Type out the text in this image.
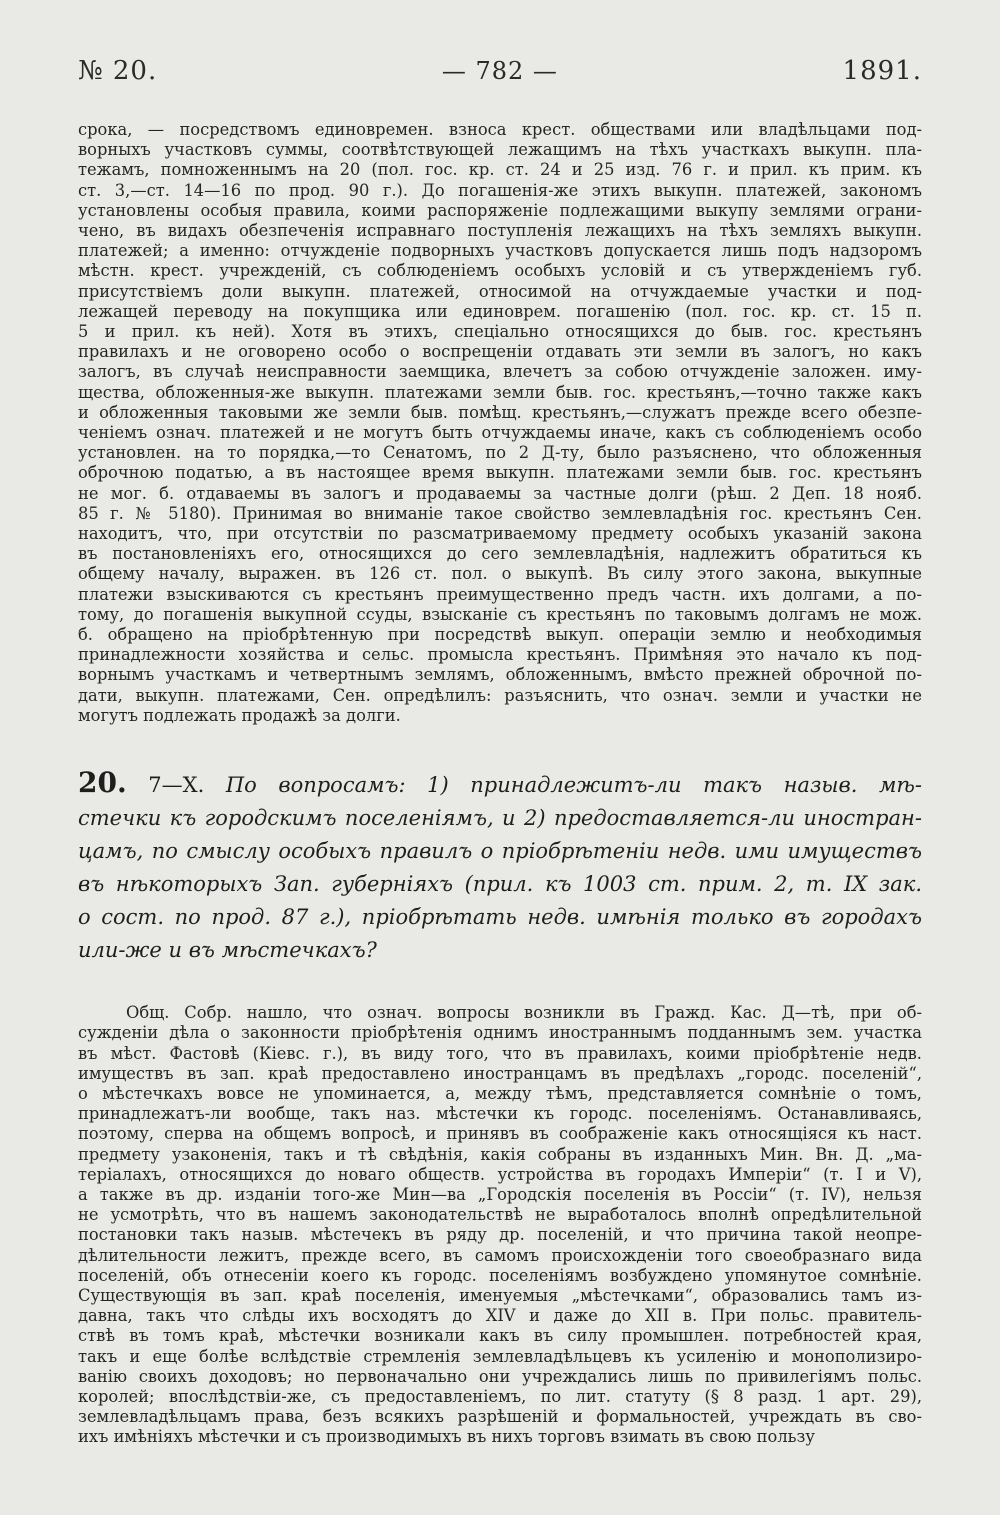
№ 20.	— 782 —	1891.
срока, — посредствомъ единовремен. взноса крест. обществами или владѣльцами под-
ворныхъ участковъ суммы, соотвѣтствующей лежащимъ на тѣхъ участкахъ выкупн. пла-
тежамъ, помноженнымъ на 20 (пол. гос. кр. ст. 24 и 25 изд. 76 г. и прил. къ прим. къ
ст. 3,—ст. 14—16 по прод. 90 г.). До погашенія-же этихъ выкупн. платежей, закономъ
установлены особыя правила, коими распоряженіе подлежащими выкупу землями ограни-
чено, въ видахъ обезпеченія исправнаго поступленія лежащихъ на тѣхъ земляхъ выкупн.
платежей; а именно: отчужденіе подворныхъ участковъ допускается лишь подъ надзоромъ
мѣстн. крест. учрежденій, съ соблюденіемъ особыхъ условій и съ утвержденіемъ губ.
присутствіемъ доли выкупн. платежей, относимой на отчуждаемые участки и под-
лежащей переводу на покупщика или единоврем. погашенію (пол. гос. кр. ст. 15 п.
5 и прил. къ ней). Хотя въ этихъ, спеціально относящихся до быв. гос. крестьянъ
правилахъ и не оговорено особо о воспрещеніи отдавать эти земли въ залогъ, но какъ
залогъ, въ случаѣ неисправности заемщика, влечетъ за собою отчужденіе заложен. иму-
щества, обложенныя-же выкупн. платежами земли быв. гос. крестьянъ,—точно также какъ
и обложенныя таковыми же земли быв. помѣщ. крестьянъ,—служатъ прежде всего обезпе-
ченіемъ означ. платежей и не могутъ быть отчуждаемы иначе, какъ съ соблюденіемъ особо
установлен. на то порядка,—то Сенатомъ, по 2 Д-ту, было разъяснено, что обложенныя
оброчною податью, а въ настоящее время выкупн. платежами земли быв. гос. крестьянъ
не мог. б. отдаваемы въ залогъ и продаваемы за частные долги (рѣш. 2 Деп. 18 нояб.
85 г. № 5180). Принимая во вниманіе такое свойство землевладѣнія гос. крестьянъ Сен.
находитъ, что, при отсутствіи по разсматриваемому предмету особыхъ указаній закона
въ постановленіяхъ его, относящихся до сего землевладѣнія, надлежитъ обратиться къ
общему началу, выражен. въ 126 ст. пол. о выкупѣ. Въ силу этого закона, выкупные
платежи взыскиваются съ крестьянъ преимущественно предъ частн. ихъ долгами, а по-
тому, до погашенія выкупной ссуды, взысканіе съ крестьянъ по таковымъ долгамъ не мож.
б. обращено на пріобрѣтенную при посредствѣ выкуп. операціи землю и необходимыя
принадлежности хозяйства и сельс. промысла крестьянъ. Примѣняя это начало къ под-
ворнымъ участкамъ и четвертнымъ землямъ, обложеннымъ, вмѣсто прежней оброчной по-
дати, выкупн. платежами, Сен. опредѣлилъ: разъяснить, что означ. земли и участки не
могутъ подлежать продажѣ за долги.
20. 7—X. По вопросамъ: 1) принадлежитъ-ли такъ назыв. мѣ-
стечки къ городскимъ поселеніямъ, и 2) предоставляется-ли иностран-
цамъ, по смыслу особыхъ правилъ о пріобрѣтеніи недв. ими имуществъ
въ нѣкоторыхъ Зап. губерніяхъ (прил. къ 1003 ст. прим. 2, т. IX зак.
о сост. по прод. 87 г.), пріобрѣтать недв. имѣнія только въ городахъ
или-же и въ мѣстечкахъ?
Общ. Собр. нашло, что означ. вопросы возникли въ Гражд. Кас. Д—тѣ, при об-
сужденіи дѣла о законности пріобрѣтенія однимъ иностраннымъ подданнымъ зем. участка
въ мѣст. Фастовѣ (Кіевс. г.), въ виду того, что въ правилахъ, коими пріобрѣтеніе недв.
имуществъ въ зап. краѣ предоставлено иностранцамъ въ предѣлахъ „городс. поселеній“,
о мѣстечкахъ вовсе не упоминается, а, между тѣмъ, представляется сомнѣніе о томъ,
принадлежатъ-ли вообще, такъ наз. мѣстечки къ городс. поселеніямъ. Останавливаясь,
поэтому, сперва на общемъ вопросѣ, и принявъ въ соображеніе какъ относящіяся къ наст.
предмету узаконенія, такъ и тѣ свѣдѣнія, какія собраны въ изданныхъ Мин. Вн. Д. „ма-
теріалахъ, относящихся до новаго обществ. устройства въ городахъ Имперіи“ (т. I и V),
а также въ др. изданіи того-же Мин—ва „Городскія поселенія въ Россіи“ (т. IV), нельзя
не усмотрѣть, что въ нашемъ законодательствѣ не выработалось вполнѣ опредѣлительной
постановки такъ назыв. мѣстечекъ въ ряду др. поселеній, и что причина такой неопре-
дѣлительности лежитъ, прежде всего, въ самомъ происхожденіи того своеобразнаго вида
поселеній, объ отнесеніи коего къ городс. поселеніямъ возбуждено упомянутое сомнѣніе.
Существующія въ зап. краѣ поселенія, именуемыя „мѣстечками“, образовались тамъ из-
давна, такъ что слѣды ихъ восходятъ до XIV и даже до XII в. При польс. правитель-
ствѣ въ томъ краѣ, мѣстечки возникали какъ въ силу промышлен. потребностей края,
такъ и еще болѣе вслѣдствіе стремленія землевладѣльцевъ къ усиленію и монополизиро-
ванію своихъ доходовъ; но первоначально они учреждались лишь по привилегіямъ польс.
королей; впослѣдствіи-же, съ предоставленіемъ, по лит. статуту (§ 8 разд. 1 арт. 29),
землевладѣльцамъ права, безъ всякихъ разрѣшеній и формальностей, учреждать въ сво-
ихъ имѣніяхъ мѣстечки и съ производимыхъ въ нихъ торговъ взимать въ свою пользу
